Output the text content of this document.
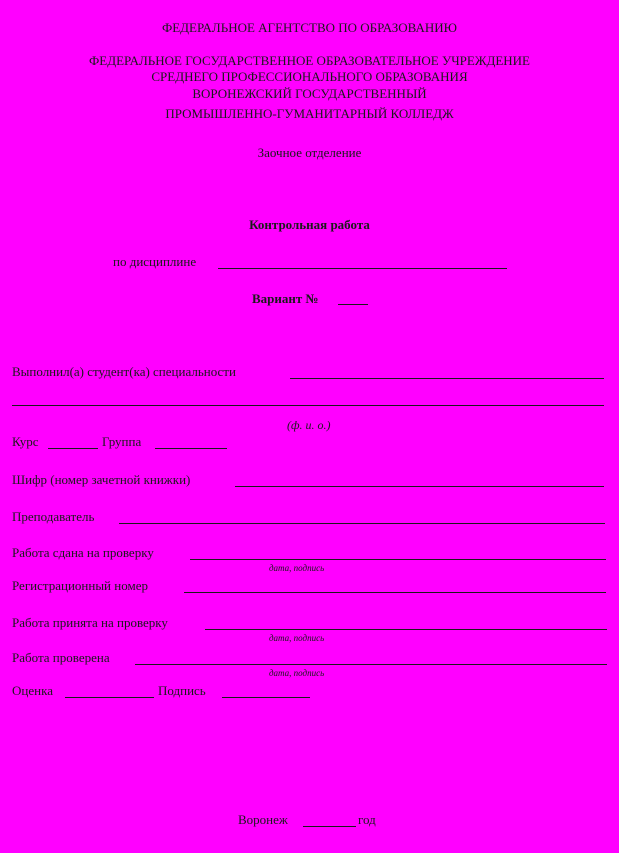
ФЕДЕРАЛЬНОЕ АГЕНТСТВО ПО ОБРАЗОВАНИЮ
ФЕДЕРАЛЬНОЕ ГОСУДАРСТВЕННОЕ ОБРАЗОВАТЕЛЬНОЕ УЧРЕЖДЕНИЕ
СРЕДНЕГО ПРОФЕССИОНАЛЬНОГО ОБРАЗОВАНИЯ
ВОРОНЕЖСКИЙ ГОСУДАРСТВЕННЫЙ
ПРОМЫШЛЕННО-ГУМАНИТАРНЫЙ КОЛЛЕДЖ
Заочное отделение
Контрольная работа
по дисциплине
Вариант №
Выполнил(а) студент(ка) специальности
(ф. и. о.)
Курс	Группа
Шифр (номер зачетной книжки)
Преподаватель
Работа сдана на проверку
дата, подпись
Регистрационный номер
Работа принята на проверку
дата, подпись
Работа проверена
дата, подпись
Оценка	Подпись
Воронеж	год
